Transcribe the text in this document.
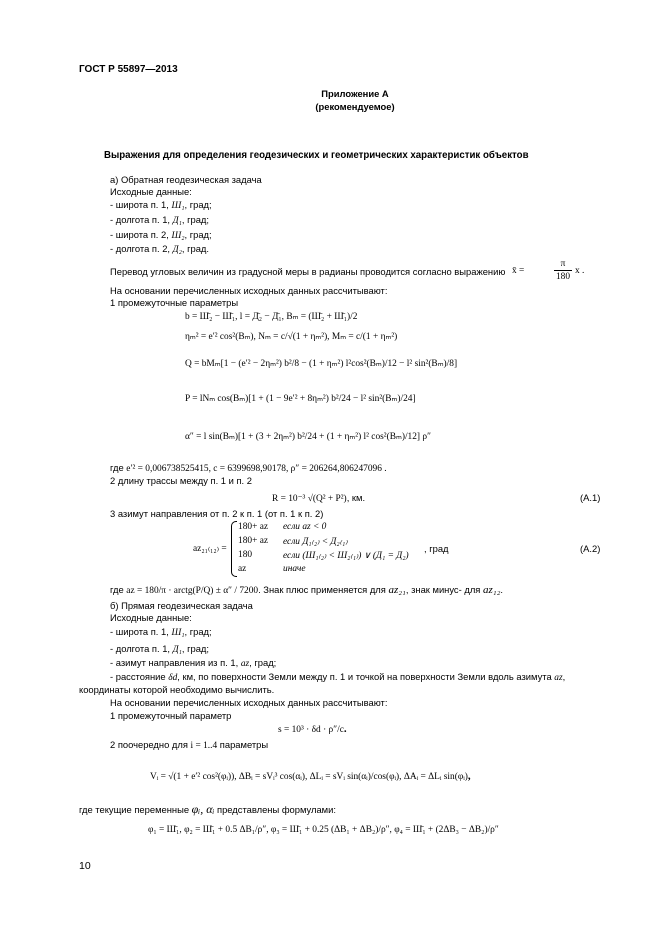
ГОСТ Р 55897—2013
Приложение А
(рекомендуемое)
Выражения для определения геодезических и геометрических характеристик объектов
а) Обратная геодезическая задача
Исходные данные:
- широта п. 1, Ш₁, град;
- долгота п. 1, Д₁, град;
- широта п. 2, Ш₂, град;
- долгота п. 2, Д₂, град.
Перевод угловых величин из градусной меры в радианы проводится согласно выражению x̄ =
π
180
x .
На основании перечисленных исходных данных рассчитывают:
1 промежуточные параметры
b = Ш̄₂ − Ш̄₁, l = Д̄₂ − Д̄₁, Bₘ = (Ш̄₂ + Ш̄₁)/2
ηₘ² = e′² cos²(Bₘ), Nₘ = c/√(1 + ηₘ²), Mₘ = c/(1 + ηₘ²)
Q = bMₘ[1 − (e′² − 2ηₘ²) b²/8 − (1 + ηₘ²) l²cos²(Bₘ)/12 − l² sin²(Bₘ)/8]
P = lNₘ cos(Bₘ)[1 + (1 − 9e′² + 8ηₘ²) b²/24 − l² sin²(Bₘ)/24]
α″ = l sin(Bₘ)[1 + (3 + 2ηₘ²) b²/24 + (1 + ηₘ²) l² cos²(Bₘ)/12] ρ″
где e′² = 0,006738525415, c = 6399698,90178, ρ″ = 206264,806247096 .
2 длину трассы между п. 1 и п. 2
R = 10⁻³ √(Q² + P²), км.	(А.1)
3 азимут направления от п. 2 к п. 1 (от п. 1 к п. 2)
az₂₁₍₁₂₎ =
180+ az если az < 0
180+ az если Д₁₍₂₎ < Д₂₍₁₎
180	если (Ш₁₍₂₎ < Ш₂₍₁₎) ∨ (Д₁ = Д₂)
az	иначе
, град	(А.2)
где az = 180/π · arctg(P/Q) ± α″ / 7200. Знак плюс применяется для az₂₁, знак минус- для az₁₂.
б) Прямая геодезическая задача
Исходные данные:
- широта п. 1, Ш₁, град;
- долгота п. 1, Д₁, град;
- азимут направления из п. 1, az, град;
- расстояние δd, км, по поверхности Земли между п. 1 и точкой на поверхности Земли вдоль азимута az,
координаты которой необходимо вычислить.
На основании перечисленных исходных данных рассчитывают:
1 промежуточный параметр
s = 10³ · δd · ρ″/c.
2 поочередно для i = 1..4 параметры
Vᵢ = √(1 + e′² cos²(φᵢ)), ΔBᵢ = sVᵢ³ cos(αᵢ), ΔLᵢ = sVᵢ sin(αᵢ)/cos(φᵢ), ΔAᵢ = ΔLᵢ sin(φᵢ),
где текущие переменные φᵢ, αᵢ представлены формулами:
φ₁ = Ш̄₁, φ₂ = Ш̄₁ + 0.5 ΔB₁/ρ″, φ₃ = Ш̄₁ + 0.25 (ΔB₁ + ΔB₂)/ρ″, φ₄ = Ш̄₁ + (2ΔB₃ − ΔB₂)/ρ″
10
